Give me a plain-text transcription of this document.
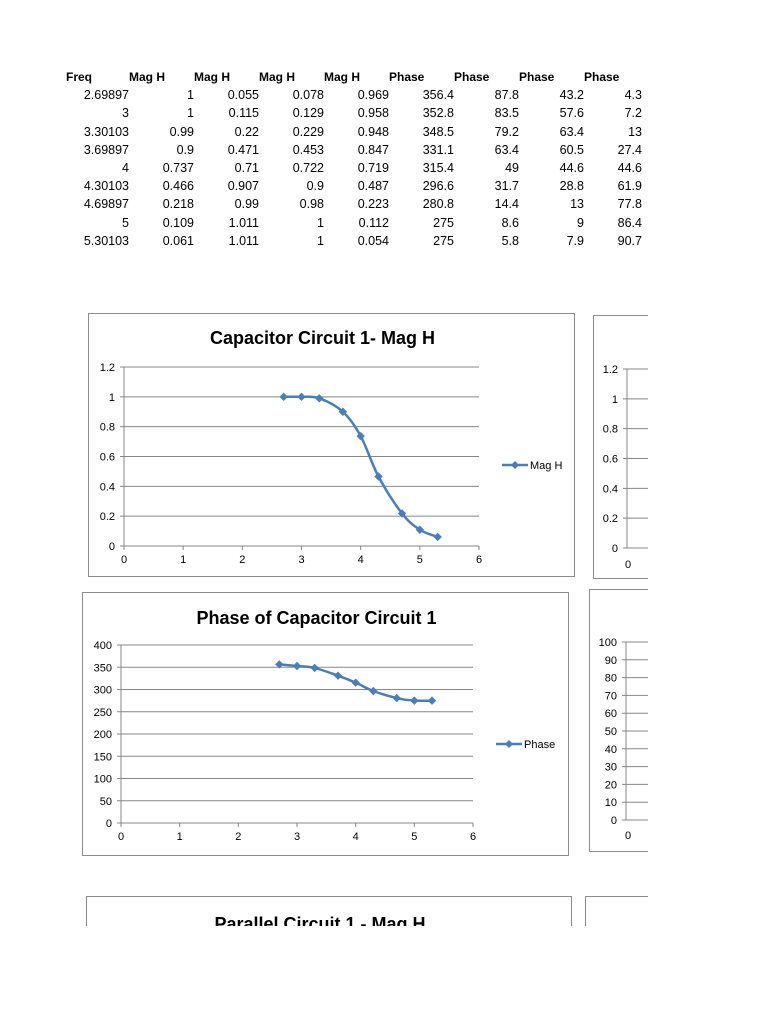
Freq	Mag H	Mag H	Mag H	Mag H	Phase	Phase	Phase	Phase
2.69897	1	0.055	0.078	0.969	356.4	87.8	43.2	4.3
3	1	0.115	0.129	0.958	352.8	83.5	57.6	7.2
3.30103	0.99	0.22	0.229	0.948	348.5	79.2	63.4	13
3.69897	0.9	0.471	0.453	0.847	331.1	63.4	60.5	27.4
4	0.737	0.71	0.722	0.719	315.4	49	44.6	44.6
4.30103	0.466	0.907	0.9	0.487	296.6	31.7	28.8	61.9
4.69897	0.218	0.99	0.98	0.223	280.8	14.4	13	77.8
5	0.109	1.011	1	0.112	275	8.6	9	86.4
5.30103	0.061	1.011	1	0.054	275	5.8	7.9	90.7
Capacitor Circuit 1- Mag H
0
0.2
0.4
0.6
0.8
1
1.2
0	1	2	3	4	5	6
Mag H
0
0.2
0.4
0.6
0.8
1
1.2
0
Phase of Capacitor Circuit 1
0
50
100
150
200
250
300
350
400
0	1	2	3	4	5	6
Phase
0
10
20
30
40
50
60
70
80
90
100
0
Parallel Circuit 1 - Mag H
